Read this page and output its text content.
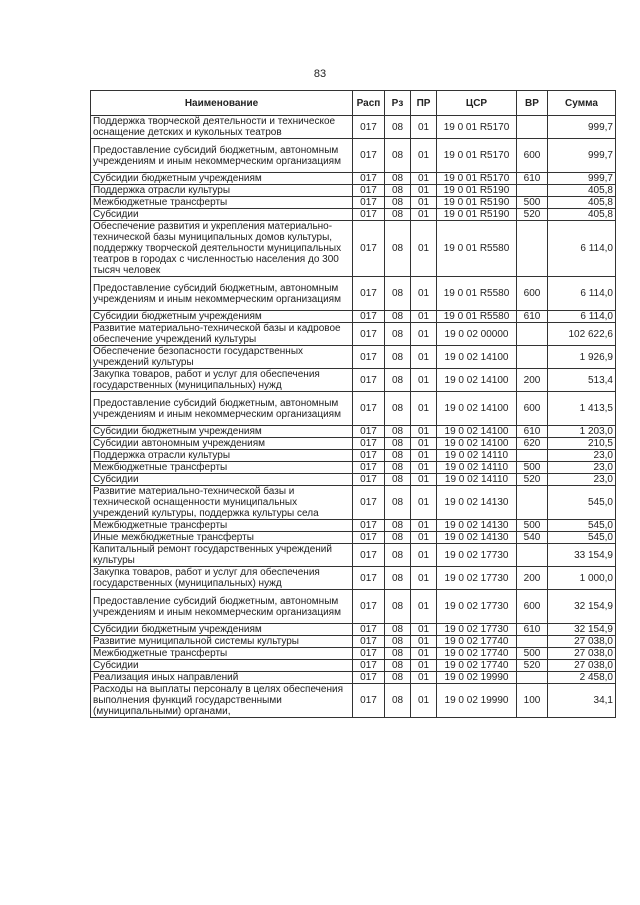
83
Наименование	Расп	Рз	ПР	ЦСР	ВР	Сумма
Поддержка творческой деятельности и техническое оснащение детских и кукольных театров	017	08	01	19 0 01 R5170		999,7
Предоставление субсидий бюджетным, автономным учреждениям и иным некоммерческим организациям	017	08	01	19 0 01 R5170	600	999,7
Субсидии бюджетным учреждениям	017	08	01	19 0 01 R5170	610	999,7
Поддержка отрасли культуры	017	08	01	19 0 01 R5190		405,8
Межбюджетные трансферты	017	08	01	19 0 01 R5190	500	405,8
Субсидии	017	08	01	19 0 01 R5190	520	405,8
Обеспечение развития и укрепления материально-технической базы муниципальных домов культуры, поддержку творческой деятельности муниципальных театров в городах с численностью населения до 300 тысяч человек	017	08	01	19 0 01 R5580		6 114,0
Предоставление субсидий бюджетным, автономным учреждениям и иным некоммерческим организациям	017	08	01	19 0 01 R5580	600	6 114,0
Субсидии бюджетным учреждениям	017	08	01	19 0 01 R5580	610	6 114,0
Развитие материально-технической базы и кадровое обеспечение учреждений культуры	017	08	01	19 0 02 00000		102 622,6
Обеспечение безопасности государственных учреждений культуры	017	08	01	19 0 02 14100		1 926,9
Закупка товаров, работ и услуг для обеспечения государственных (муниципальных) нужд	017	08	01	19 0 02 14100	200	513,4
Предоставление субсидий бюджетным, автономным учреждениям и иным некоммерческим организациям	017	08	01	19 0 02 14100	600	1 413,5
Субсидии бюджетным учреждениям	017	08	01	19 0 02 14100	610	1 203,0
Субсидии автономным учреждениям	017	08	01	19 0 02 14100	620	210,5
Поддержка отрасли культуры	017	08	01	19 0 02 14110		23,0
Межбюджетные трансферты	017	08	01	19 0 02 14110	500	23,0
Субсидии	017	08	01	19 0 02 14110	520	23,0
Развитие материально-технической базы и технической оснащенности муниципальных учреждений культуры, поддержка культуры села	017	08	01	19 0 02 14130		545,0
Межбюджетные трансферты	017	08	01	19 0 02 14130	500	545,0
Иные межбюджетные трансферты	017	08	01	19 0 02 14130	540	545,0
Капитальный ремонт государственных учреждений культуры	017	08	01	19 0 02 17730		33 154,9
Закупка товаров, работ и услуг для обеспечения государственных (муниципальных) нужд	017	08	01	19 0 02 17730	200	1 000,0
Предоставление субсидий бюджетным, автономным учреждениям и иным некоммерческим организациям	017	08	01	19 0 02 17730	600	32 154,9
Субсидии бюджетным учреждениям	017	08	01	19 0 02 17730	610	32 154,9
Развитие муниципальной системы культуры	017	08	01	19 0 02 17740		27 038,0
Межбюджетные трансферты	017	08	01	19 0 02 17740	500	27 038,0
Субсидии	017	08	01	19 0 02 17740	520	27 038,0
Реализация иных направлений	017	08	01	19 0 02 19990		2 458,0
Расходы на выплаты персоналу в целях обеспечения выполнения функций государственными (муниципальными) органами,	017	08	01	19 0 02 19990	100	34,1
